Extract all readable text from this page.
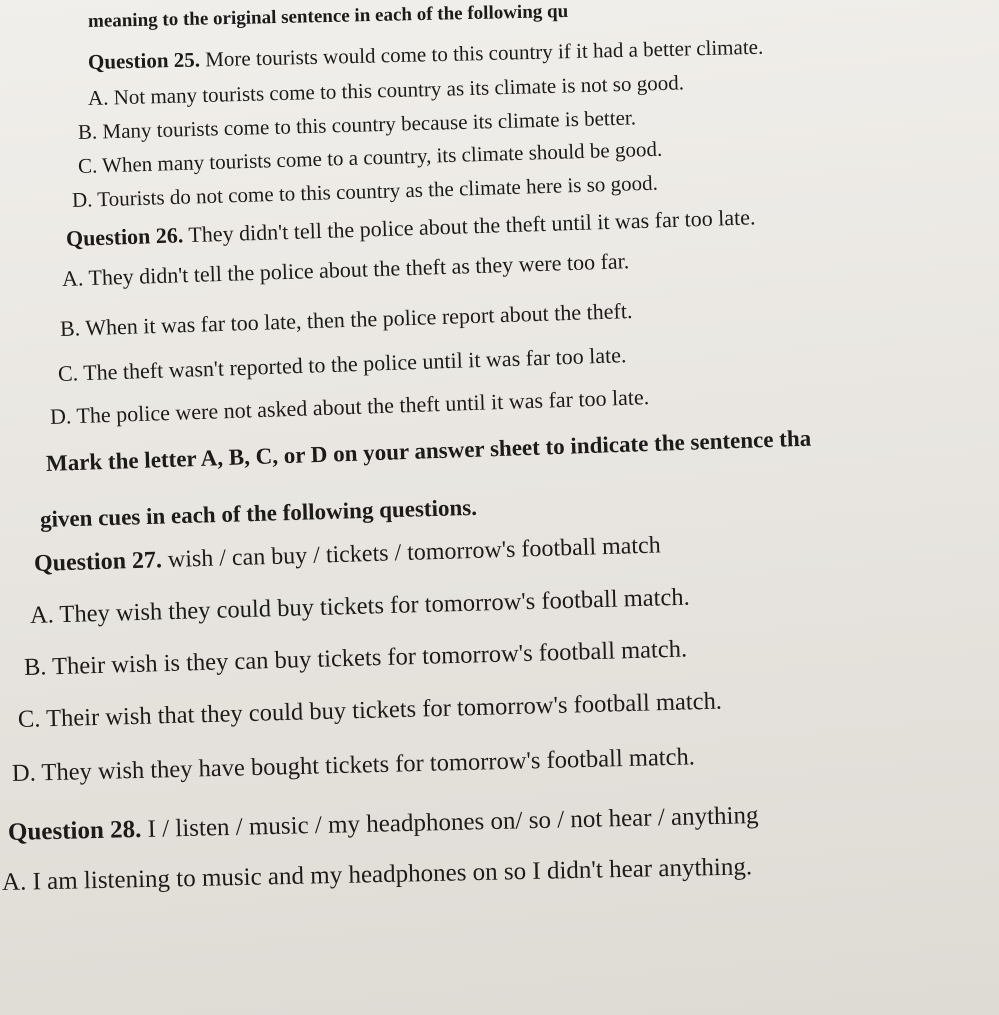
meaning to the original sentence in each of the following qu
Question 25. More tourists would come to this country if it had a better climate.
A. Not many tourists come to this country as its climate is not so good.
B. Many tourists come to this country because its climate is better.
C. When many tourists come to a country, its climate should be good.
D. Tourists do not come to this country as the climate here is so good.
Question 26. They didn't tell the police about the theft until it was far too late.
A. They didn't tell the police about the theft as they were too far.
B. When it was far too late, then the police report about the theft.
C. The theft wasn't reported to the police until it was far too late.
D. The police were not asked about the theft until it was far too late.
Mark the letter A, B, C, or D on your answer sheet to indicate the sentence tha
given cues in each of the following questions.
Question 27. wish / can buy / tickets / tomorrow's football match
A. They wish they could buy tickets for tomorrow's football match.
B. Their wish is they can buy tickets for tomorrow's football match.
C. Their wish that they could buy tickets for tomorrow's football match.
D. They wish they have bought tickets for tomorrow's football match.
Question 28. I / listen / music / my headphones on/ so / not hear / anything
A. I am listening to music and my headphones on so I didn't hear anything.
